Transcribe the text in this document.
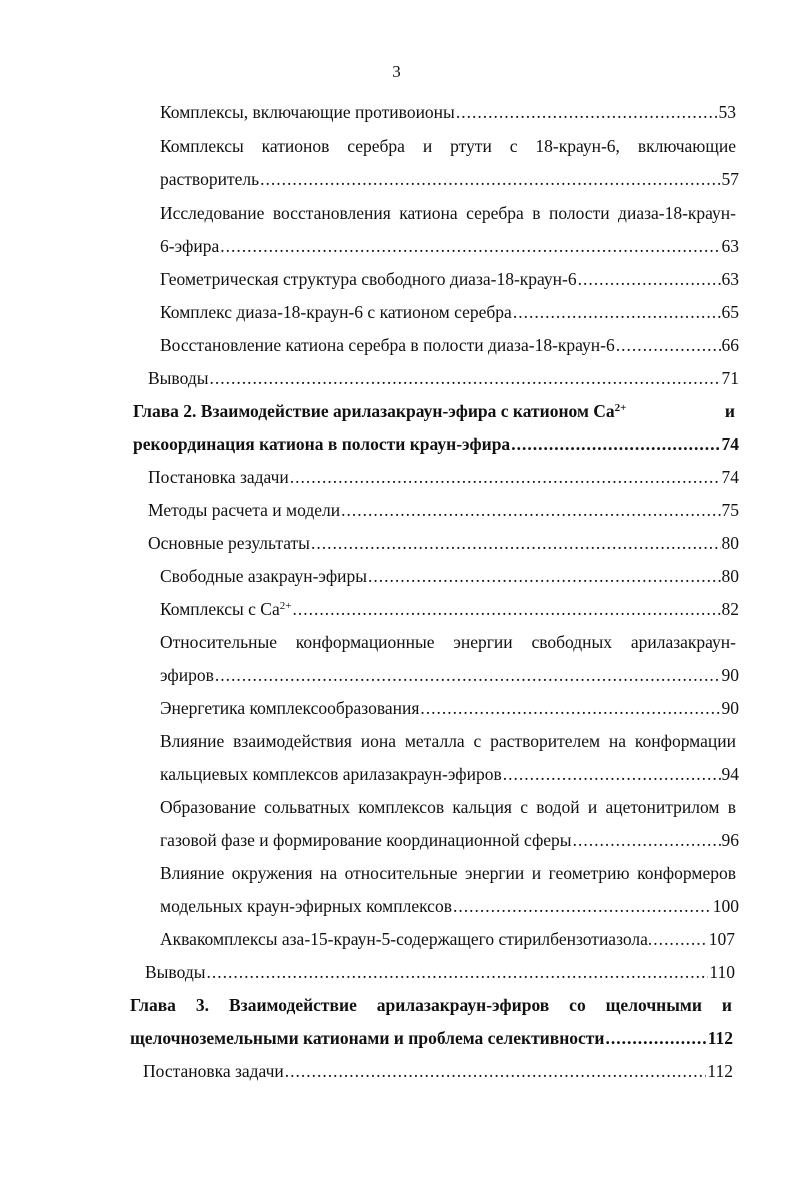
3
Комплексы, включающие противоионы .....	53
Комплексы катионов серебра и ртути с 18-краун-6, включающие
растворитель .....	57
Исследование восстановления катиона серебра в полости диаза-18-краун-
6-эфира .....	63
Геометрическая структура свободного диаза-18-краун-6 .....	63
Комплекс диаза-18-краун-6 с катионом серебра .....	65
Восстановление катиона серебра в полости диаза-18-краун-6 .....	66
Выводы .....	71
Глава 2. Взаимодействие арилазакраун-эфира с катионом $Ca^{2+}$	и
рекоординация катиона в полости краун-эфира .....	74
Постановка задачи .....	74
Методы расчета и модели .....	75
Основные результаты .....	80
Свободные азакраун-эфиры .....	80
Комплексы с $Ca^{2+}$ .....	82
Относительные конформационные энергии свободных арилазакраун-
эфиров .....	90
Энергетика комплексообразования .....	90
Влияние взаимодействия иона металла с растворителем на конформации
кальциевых комплексов арилазакраун-эфиров .....	94
Образование сольватных комплексов кальция с водой и ацетонитрилом в
газовой фазе и формирование координационной сферы .....	96
Влияние окружения на относительные энергии и геометрию конформеров
модельных краун-эфирных комплексов .....	100
Аквакомплексы аза-15-краун-5-содержащего стирилбензотиазола. .....	107
Выводы .....	110
Глава 3. Взаимодействие арилазакраун-эфиров со щелочными и
щелочноземельными катионами и проблема селективности .....	112
Постановка задачи .....	112
